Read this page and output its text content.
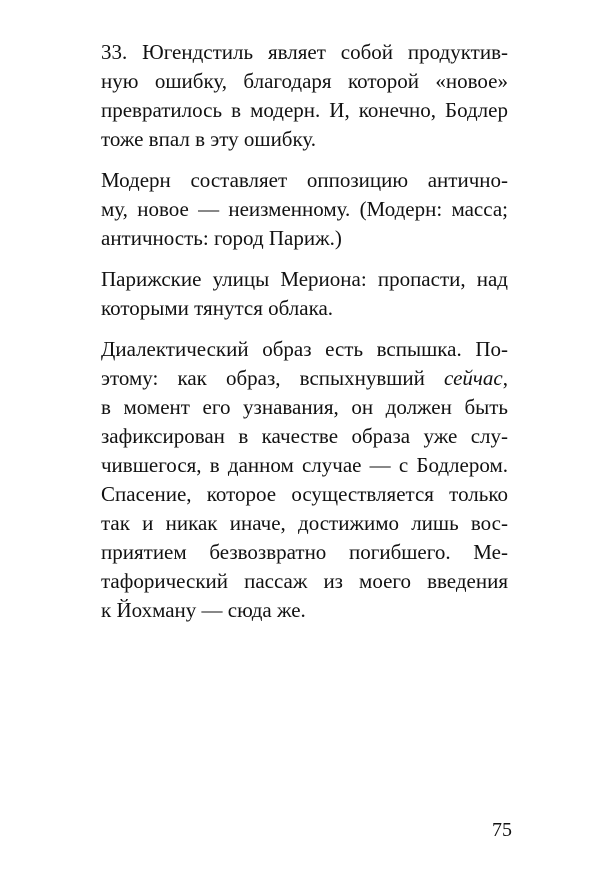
33. Югендстиль являет собой продуктив-
ную ошибку, благодаря которой «новое»
превратилось в модерн. И, конечно, Бодлер
тоже впал в эту ошибку.
Модерн составляет оппозицию антично-
му, новое — неизменному. (Модерн: масса;
античность: город Париж.)
Парижские улицы Мериона: пропасти, над
которыми тянутся облака.
Диалектический образ есть вспышка. По-
этому: как образ, вспыхнувший сейчас,
в момент его узнавания, он должен быть
зафиксирован в качестве образа уже слу-
чившегося, в данном случае — с Бодлером.
Спасение, которое осуществляется только
так и никак иначе, достижимо лишь вос-
приятием безвозвратно погибшего. Ме-
тафорический пассаж из моего введения
к Йохману — сюда же.
75
